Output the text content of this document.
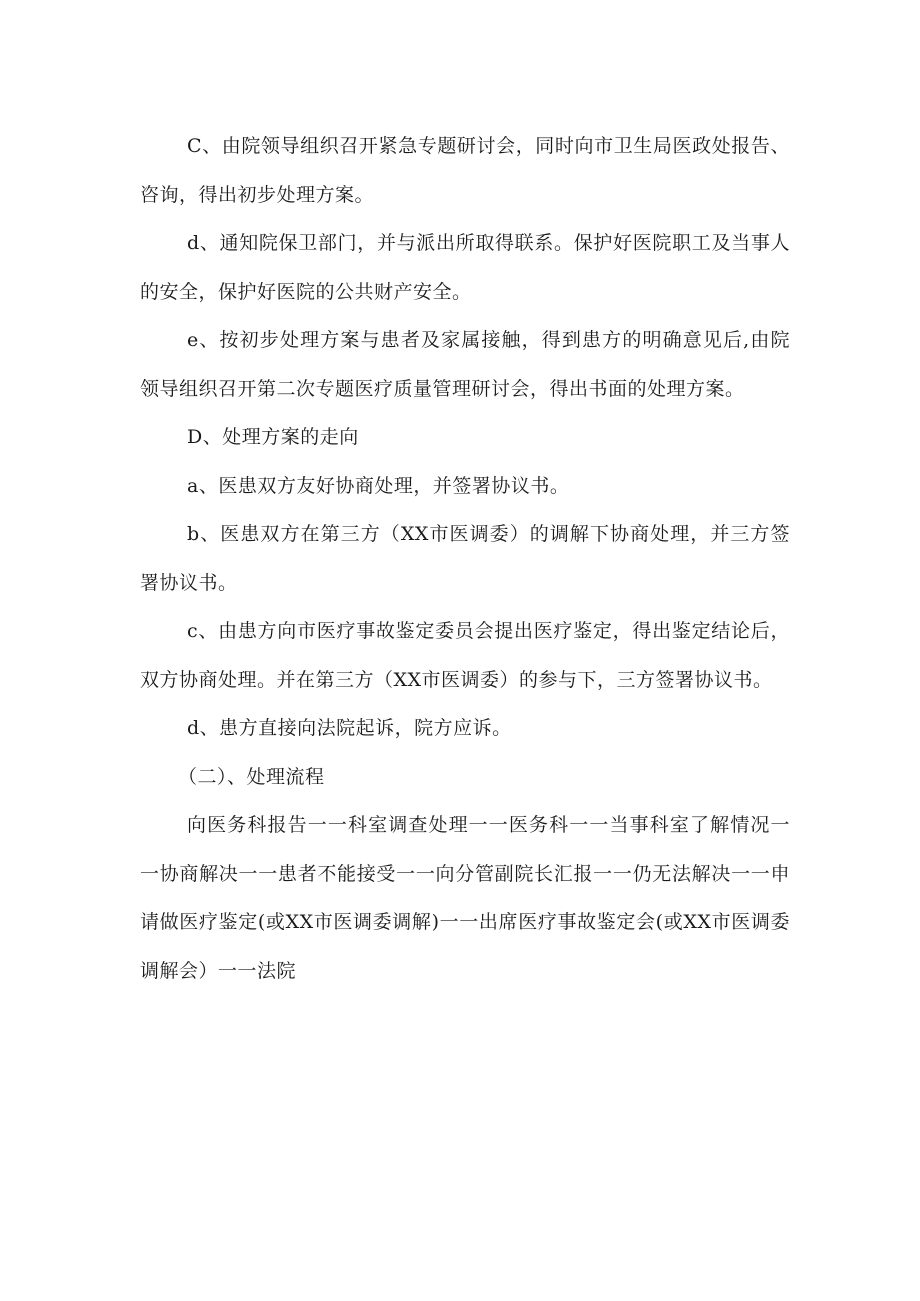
C、由院领导组织召开紧急专题研讨会，同时向市卫生局医政处报告、咨询，得出初步处理方案。

d、通知院保卫部门，并与派出所取得联系。保护好医院职工及当事人的安全，保护好医院的公共财产安全。

e、按初步处理方案与患者及家属接触，得到患方的明确意见后,由院领导组织召开第二次专题医疗质量管理研讨会，得出书面的处理方案。

D、处理方案的走向

a、医患双方友好协商处理，并签署协议书。

b、医患双方在第三方（XX市医调委）的调解下协商处理，并三方签署协议书。

c、由患方向市医疗事故鉴定委员会提出医疗鉴定，得出鉴定结论后，双方协商处理。并在第三方（XX市医调委）的参与下，三方签署协议书。

d、患方直接向法院起诉，院方应诉。

（二）、处理流程

向医务科报告一一科室调查处理一一医务科一一当事科室了解情况一一协商解决一一患者不能接受一一向分管副院长汇报一一仍无法解决一一申请做医疗鉴定(或XX市医调委调解)一一出席医疗事故鉴定会(或XX市医调委调解会）一一法院
